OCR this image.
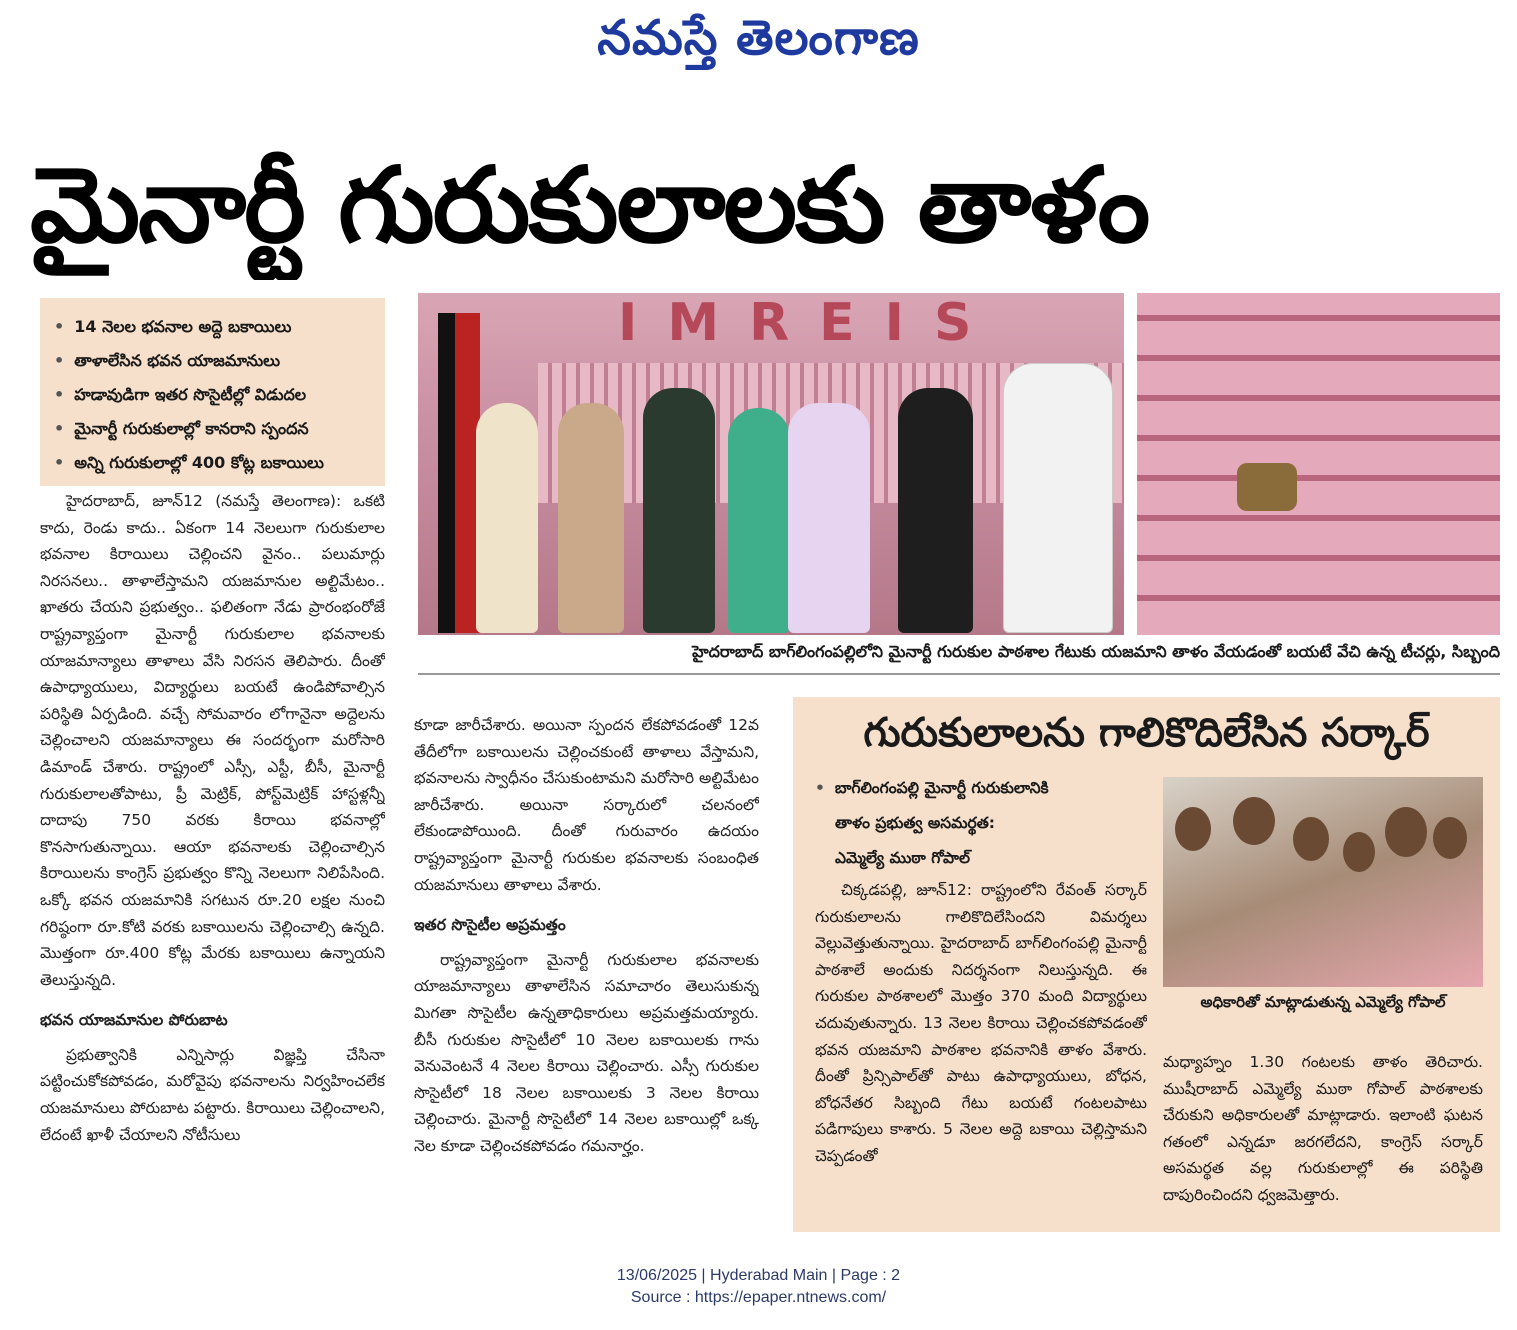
నమస్తే తెలంగాణ
మైనార్టీ గురుకులాలకు తాళం
• 14 నెలల భవనాల అద్దె బకాయిలు
• తాళాలేసిన భవన యాజమానులు
• హడావుడిగా ఇతర సొసైటీల్లో విడుదల
• మైనార్టీ గురుకులాల్లో కానరాని స్పందన
• అన్ని గురుకులాల్లో 400 కోట్ల బకాయిలు

హైదరాబాద్, జూన్12 (నమస్తే తెలంగాణ): ఒకటి కాదు, రెండు కాదు.. ఏకంగా 14 నెలలుగా గురుకులాల భవనాల కిరాయిలు చెల్లించని వైనం.. పలుమార్లు నిరసనలు.. తాళాలేస్తామని యజమానుల అల్టిమేటం.. ఖాతరు చేయని ప్రభుత్వం.. ఫలితంగా నేడు ప్రారంభంరోజే రాష్ట్రవ్యాప్తంగా మైనార్టీ గురుకులాల భవనాలకు యాజమాన్యాలు తాళాలు వేసి నిరసన తెలిపారు. దీంతో ఉపాధ్యాయులు, విద్యార్థులు బయటే ఉండిపోవాల్సిన పరిస్థితి ఏర్పడింది. వచ్చే సోమవారం లోగానైనా అద్దెలను చెల్లించాలని యజమాన్యాలు ఈ సందర్భంగా మరోసారి డిమాండ్ చేశారు. రాష్ట్రంలో ఎస్సీ, ఎస్టీ, బీసీ, మైనార్టీ గురుకులాలతోపాటు, ప్రీ మెట్రిక్, పోస్ట్‌మెట్రిక్ హాస్టళ్లన్నీ దాదాపు 750 వరకు కిరాయి భవనాల్లో కొనసాగుతున్నాయి. ఆయా భవనాలకు చెల్లించాల్సిన కిరాయిలను కాంగ్రెస్ ప్రభుత్వం కొన్ని నెలలుగా నిలిపేసింది. ఒక్కో భవన యజమానికి సగటున రూ.20 లక్షల నుంచి గరిష్ఠంగా రూ.కోటి వరకు బకాయిలను చెల్లించాల్సి ఉన్నది. మొత్తంగా రూ.400 కోట్ల మేరకు బకాయిలు ఉన్నాయని తెలుస్తున్నది.

భవన యాజమానుల పోరుబాట

ప్రభుత్వానికి ఎన్నిసార్లు విజ్ఞప్తి చేసినా పట్టించుకోకపోవడం, మరోవైపు భవనాలను నిర్వహించలేక యజమానులు పోరుబాట పట్టారు. కిరాయిలు చెల్లించాలని, లేదంటే ఖాళీ చేయాలని నోటీసులు

IMREIS
హైదరాబాద్ బాగ్‌లింగంపల్లిలోని మైనార్టీ గురుకుల పాఠశాల గేటుకు యజమాని తాళం వేయడంతో బయటే వేచి ఉన్న టీచర్లు, సిబ్బంది

కూడా జారీచేశారు. అయినా స్పందన లేకపోవడంతో 12వ తేదీలోగా బకాయిలను చెల్లించకుంటే తాళాలు వేస్తామని, భవనాలను స్వాధీనం చేసుకుంటామని మరోసారి అల్టిమేటం జారీచేశారు. అయినా సర్కారులో చలనంలో లేకుండాపోయింది. దీంతో గురువారం ఉదయం రాష్ట్రవ్యాప్తంగా మైనార్టీ గురుకుల భవనాలకు సంబంధిత యజమానులు తాళాలు వేశారు.

ఇతర సొసైటీల అప్రమత్తం

రాష్ట్రవ్యాప్తంగా మైనార్టీ గురుకులాల భవనాలకు యాజమాన్యాలు తాళాలేసిన సమాచారం తెలుసుకున్న మిగతా సొసైటీల ఉన్నతాధికారులు అప్రమత్తమయ్యారు. బీసీ గురుకుల సొసైటీలో 10 నెలల బకాయిలకు గాను వెనువెంటనే 4 నెలల కిరాయి చెల్లించారు. ఎస్సీ గురుకుల సొసైటీలో 18 నెలల బకాయిలకు 3 నెలల కిరాయి చెల్లించారు. మైనార్టీ సొసైటీలో 14 నెలల బకాయిల్లో ఒక్క నెల కూడా చెల్లించకపోవడం గమనార్హం.

గురుకులాలను గాలికొదిలేసిన సర్కార్
• బాగ్‌లింగంపల్లి మైనార్టీ గురుకులానికి
తాళం ప్రభుత్వ అసమర్థత:
ఎమ్మెల్యే ముఠా గోపాల్

చిక్కడపల్లి, జూన్12: రాష్ట్రంలోని రేవంత్ సర్కార్ గురుకులాలను గాలికొదిలేసిందని విమర్శలు వెల్లువెత్తుతున్నాయి. హైదరాబాద్ బాగ్‌లింగంపల్లి మైనార్టీ పాఠశాలే అందుకు నిదర్శనంగా నిలుస్తున్నది. ఈ గురుకుల పాఠశాలలో మొత్తం 370 మంది విద్యార్థులు చదువుతున్నారు. 13 నెలల కిరాయి చెల్లించకపోవడంతో భవన యజమాని పాఠశాల భవనానికి తాళం వేశారు. దీంతో ప్రిన్సిపాల్‌తో పాటు ఉపాధ్యాయులు, బోధన, బోధనేతర సిబ్బంది గేటు బయటే గంటలపాటు పడిగాపులు కాశారు. 5 నెలల అద్దె బకాయి చెల్లిస్తామని చెప్పడంతో

అధికారితో మాట్లాడుతున్న ఎమ్మెల్యే గోపాల్

మధ్యాహ్నం 1.30 గంటలకు తాళం తెరిచారు. ముషీరాబాద్ ఎమ్మెల్యే ముఠా గోపాల్ పాఠశాలకు చేరుకుని అధికారులతో మాట్లాడారు. ఇలాంటి ఘటన గతంలో ఎన్నడూ జరగలేదని, కాంగ్రెస్ సర్కార్ అసమర్థత వల్ల గురుకులాల్లో ఈ పరిస్థితి దాపురించిందని ధ్వజమెత్తారు.

13/06/2025 | Hyderabad Main | Page : 2
Source : https://epaper.ntnews.com/
